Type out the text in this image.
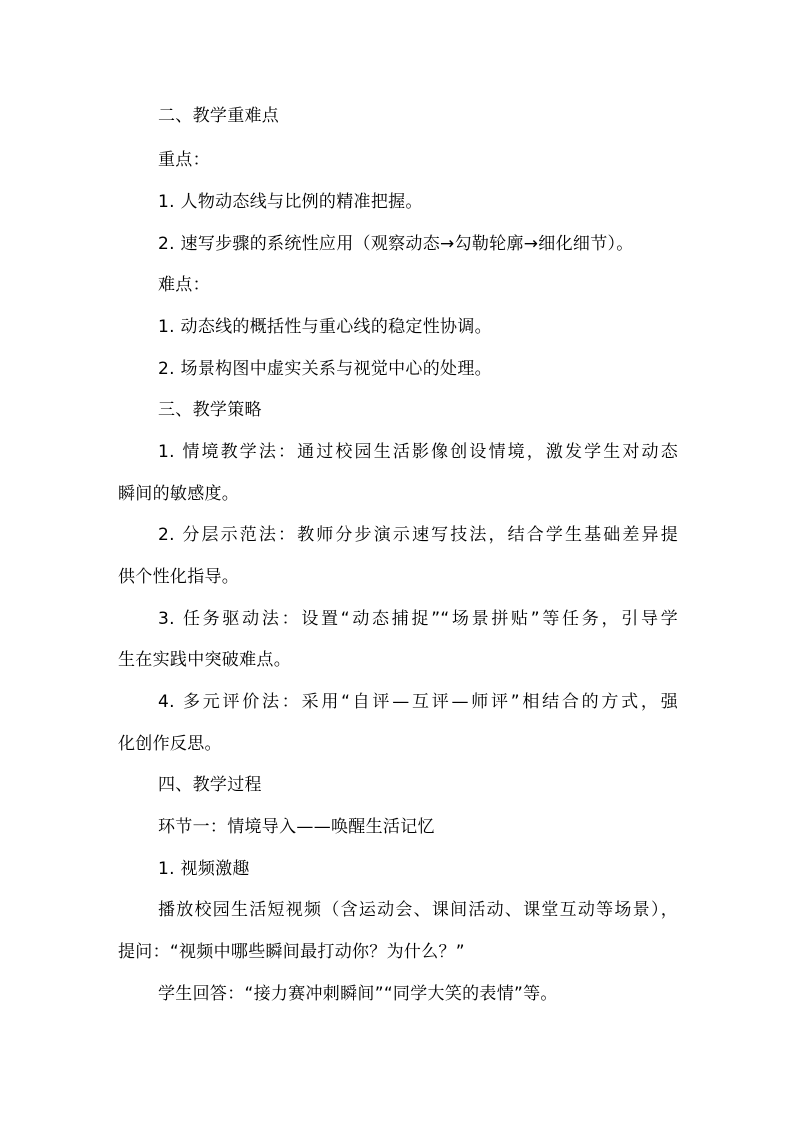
二、教学重难点
重点：
1. 人物动态线与比例的精准把握。
2. 速写步骤的系统性应用（观察动态→勾勒轮廓→细化细节）。
难点：
1. 动态线的概括性与重心线的稳定性协调。
2. 场景构图中虚实关系与视觉中心的处理。
三、教学策略
1. 情境教学法：通过校园生活影像创设情境，激发学生对动态
瞬间的敏感度。
2. 分层示范法：教师分步演示速写技法，结合学生基础差异提
供个性化指导。
3. 任务驱动法：设置“动态捕捉”“场景拼贴”等任务，引导学
生在实践中突破难点。
4. 多元评价法：采用“自评—互评—师评”相结合的方式，强
化创作反思。
四、教学过程
环节一：情境导入——唤醒生活记忆
1. 视频激趣
播放校园生活短视频（含运动会、课间活动、课堂互动等场景），
提问：“视频中哪些瞬间最打动你？为什么？”
学生回答：“接力赛冲刺瞬间”“同学大笑的表情”等。
